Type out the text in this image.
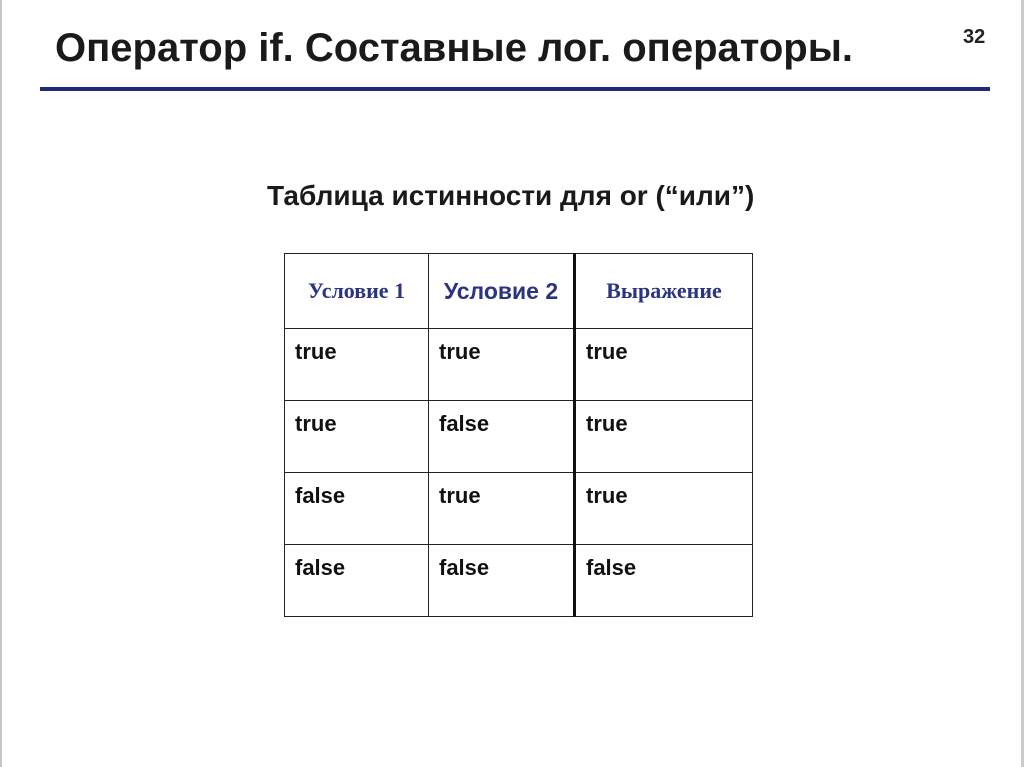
Оператор if. Составные лог. операторы.	32
Таблица истинности для or (“или”)
Условие 1	Условие 2	Выражение
true	true	true
true	false	true
false	true	true
false	false	false
